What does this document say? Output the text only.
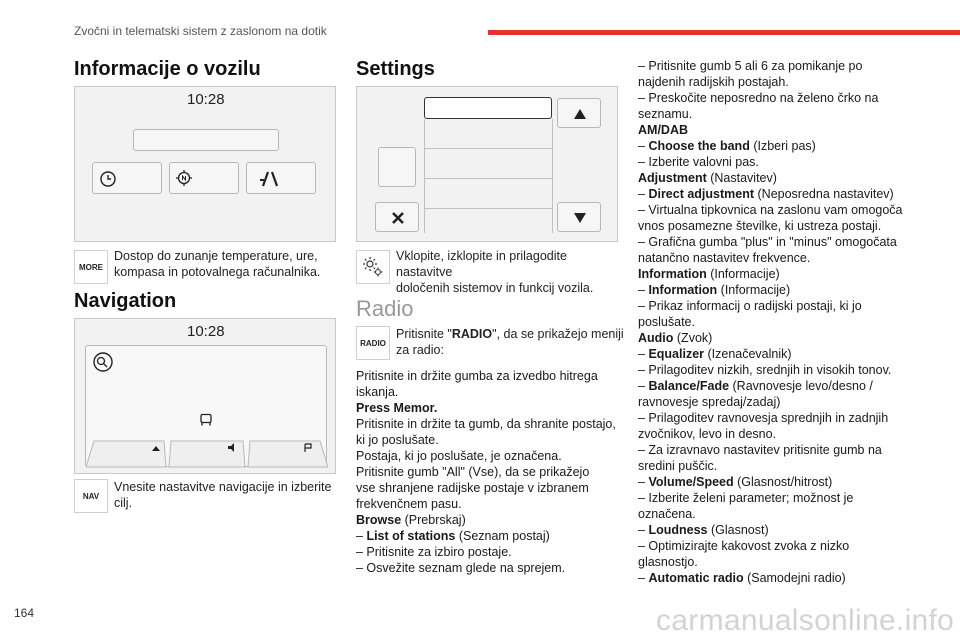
Zvočni in telematski sistem z zaslonom na dotik
Informacije o vozilu
10:28
MORE
Dostop do zunanje temperature, ure,
kompasa in potovalnega računalnika.
Navigation
10:28
NAV
Vnesite nastavitve navigacije in izberite
cilj.
Settings
Vklopite, izklopite in prilagodite nastavitve
določenih sistemov in funkcij vozila.
Radio
RADIO
Pritisnite "RADIO", da se prikažejo meniji
za radio:
Pritisnite in držite gumba za izvedbo hitrega
iskanja.
Press Memor.
Pritisnite in držite ta gumb, da shranite postajo,
ki jo poslušate.
Postaja, ki jo poslušate, je označena.
Pritisnite gumb "All" (Vse), da se prikažejo
vse shranjene radijske postaje v izbranem
frekvenčnem pasu.
Browse (Prebrskaj)
– List of stations (Seznam postaj)
– Pritisnite za izbiro postaje.
– Osvežite seznam glede na sprejem.
– Pritisnite gumb 5 ali 6 za pomikanje po
najdenih radijskih postajah.
– Preskočite neposredno na želeno črko na
seznamu.
AM/DAB
– Choose the band (Izberi pas)
– Izberite valovni pas.
Adjustment (Nastavitev)
– Direct adjustment (Neposredna nastavitev)
– Virtualna tipkovnica na zaslonu vam omogoča
vnos posamezne številke, ki ustreza postaji.
– Grafična gumba "plus" in "minus" omogočata
natančno nastavitev frekvence.
Information (Informacije)
– Information (Informacije)
– Prikaz informacij o radijski postaji, ki jo
poslušate.
Audio (Zvok)
– Equalizer (Izenačevalnik)
– Prilagoditev nizkih, srednjih in visokih tonov.
– Balance/Fade (Ravnovesje levo/desno /
ravnovesje spredaj/zadaj)
– Prilagoditev ravnovesja sprednjih in zadnjih
zvočnikov, levo in desno.
– Za izravnavo nastavitev pritisnite gumb na
sredini puščic.
– Volume/Speed (Glasnost/hitrost)
– Izberite želeni parameter; možnost je
označena.
– Loudness (Glasnost)
– Optimizirajte kakovost zvoka z nizko
glasnostjo.
– Automatic radio (Samodejni radio)
164	carmanualsonline.info
